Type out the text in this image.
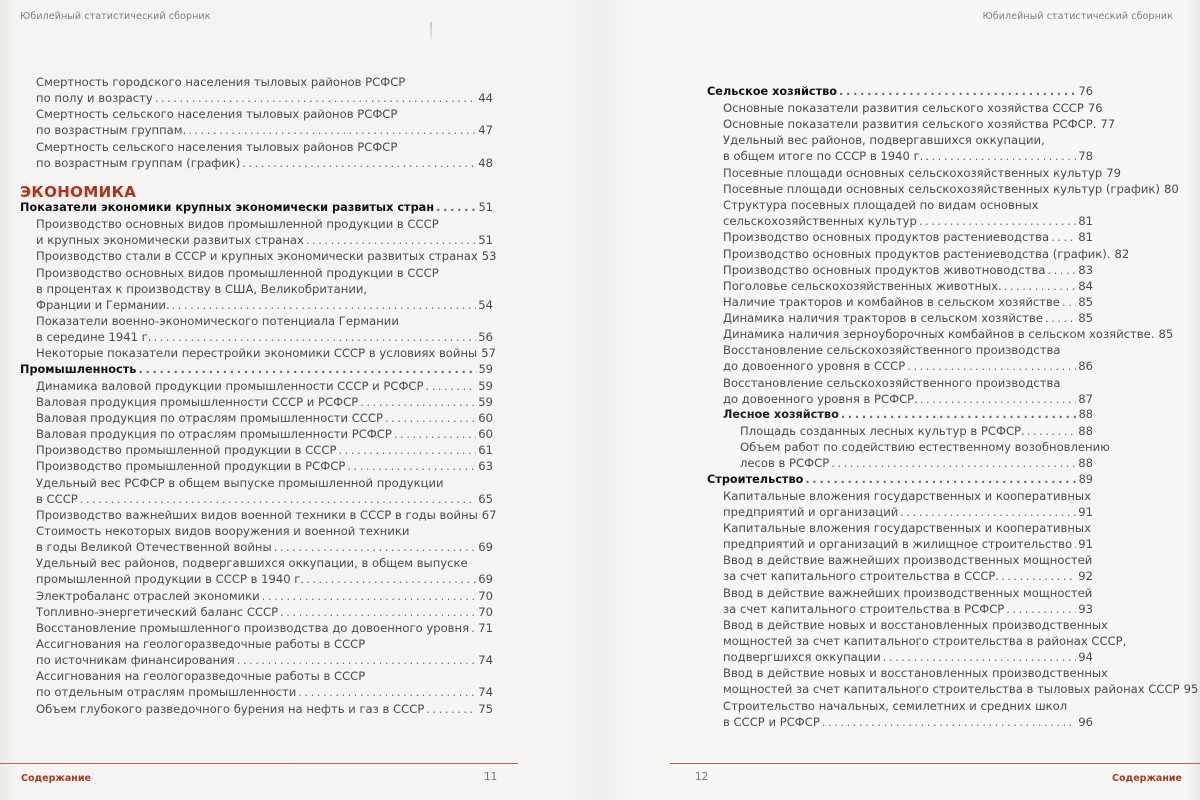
Юбилейный статистический сборник
ЭКОНОМИКА
Смертность городского населения тыловых районов РСФСР
по полу и возрасту . . .	44
Смертность сельского населения тыловых районов РСФСР
по возрастным группам. . . .	47
Смертность сельского населения тыловых районов РСФСР
по возрастным группам (график) . . .	48
Показатели экономики крупных экономически развитых стран . . .	51
Производство основных видов промышленной продукции в СССР
и крупных экономически развитых странах . . .	51
Производство стали в СССР и крупных экономически развитых странах 53
Производство основных видов промышленной продукции в СССР
в процентах к производству в США, Великобритании,
Франции и Германии. . . .	54
Показатели военно-экономического потенциала Германии
в середине 1941 г. . . .	56
Некоторые показатели перестройки экономики СССР в условиях войны 57
Промышленность . . .	59
Динамика валовой продукции промышленности СССР и РСФСР . . .	59
Валовая продукция промышленности СССР и РСФСР . . .	59
Валовая продукция по отраслям промышленности СССР . . .	60
Валовая продукция по отраслям промышленности РСФСР . . .	60
Производство промышленной продукции в СССР . . .	61
Производство промышленной продукции в РСФСР . . .	63
Удельный вес РСФСР в общем выпуске промышленной продукции
в СССР . . .	65
Производство важнейших видов военной техники в СССР в годы войны 67
Стоимость некоторых видов вооружения и военной техники
в годы Великой Отечественной войны . . .	69
Удельный вес районов, подвергавшихся оккупации, в общем выпуске
промышленной продукции в СССР в 1940 г. . . .	69
Электробаланс отраслей экономики . . .	70
Топливно-энергетический баланс СССР . . .	70
Восстановление промышленного производства до довоенного уровня . . . 71
Ассигнования на геологоразведочные работы в СССР
по источникам финансирования . . .	74
Ассигнования на геологоразведочные работы в СССР
по отдельным отраслям промышленности . . .	74
Объем глубокого разведочного бурения на нефть и газ в СССР . . .	75
Содержание	11
Юбилейный статистический сборник
Сельское хозяйство . . .	76
Основные показатели развития сельского хозяйства СССР 76
Основные показатели развития сельского хозяйства РСФСР. 77
Удельный вес районов, подвергавшихся оккупации,
в общем итоге по СССР в 1940 г. . . .	78
Посевные площади основных сельскохозяйственных культур 79
Посевные площади основных сельскохозяйственных культур (график) 80
Структура посевных площадей по видам основных
сельскохозяйственных культур . . .	81
Производство основных продуктов растениеводства . . .	81
Производство основных продуктов растениеводства (график). 82
Производство основных продуктов животноводства . . .	83
Поголовье сельскохозяйственных животных. . . .	84
Наличие тракторов и комбайнов в сельском хозяйстве . . . 85
Динамика наличия тракторов в сельском хозяйстве . . .	85
Динамика наличия зерноуборочных комбайнов в сельском хозяйстве. 85
Восстановление сельскохозяйственного производства
до довоенного уровня в СССР . . .	86
Восстановление сельскохозяйственного производства
до довоенного уровня в РСФСР. . . .	87
Лесное хозяйство . . .	88
Площадь созданных лесных культур в РСФСР. . . .	88
Объем работ по содействию естественному возобновлению
лесов в РСФСР . . .	88
Строительство . . .	89
Капитальные вложения государственных и кооперативных
предприятий и организаций . . .	91
Капитальные вложения государственных и кооперативных
предприятий и организаций в жилищное строительство . . . 91
Ввод в действие важнейших производственных мощностей
за счет капитального строительства в СССР. . . .	92
Ввод в действие важнейших производственных мощностей
за счет капитального строительства в РСФСР . . .	93
Ввод в действие новых и восстановленных производственных
мощностей за счет капитального строительства в районах СССР,
подвергшихся оккупации . . .	94
Ввод в действие новых и восстановленных производственных
мощностей за счет капитального строительства в тыловых районах СССР 95
Строительство начальных, семилетних и средних школ
в СССР и РСФСР . . .	96
12	Содержание
